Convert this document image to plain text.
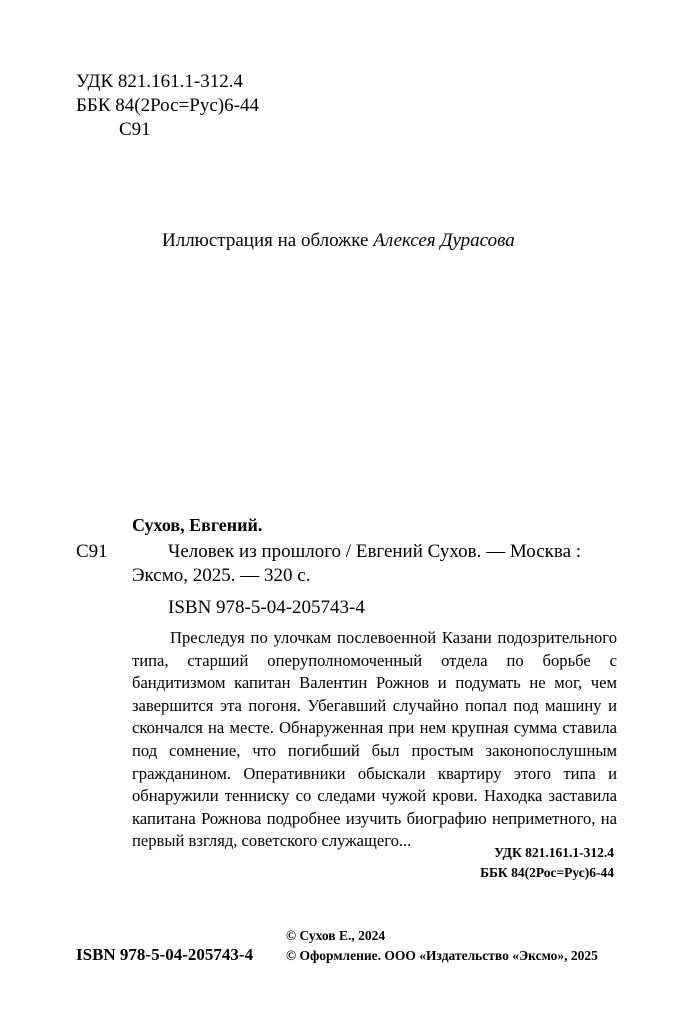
УДК 821.161.1-312.4
ББК 84(2Рос=Рус)6-44
С91
Иллюстрация на обложке Алексея Дурасова
Сухов, Евгений.
С91	Человек из прошлого / Евгений Сухов. — Москва :
Эксмо, 2025. — 320 с.
ISBN 978-5-04-205743-4

Преследуя по улочкам послевоенной Казани подозрительного типа, старший оперуполномоченный отдела по борьбе с бандитизмом капитан Валентин Рожнов и подумать не мог, чем завершится эта погоня. Убегавший случайно попал под машину и скончался на месте. Обнаруженная при нем крупная сумма ставила под сомнение, что погибший был простым законопослушным гражданином. Оперативники обыскали квартиру этого типа и обнаружили тенниску со следами чужой крови. Находка заставила капитана Рожнова подробнее изучить биографию неприметного, на первый взгляд, советского служащего...

УДК 821.161.1-312.4
ББК 84(2Рос=Рус)6-44
© Сухов Е., 2024
ISBN 978-5-04-205743-4 © Оформление. ООО «Издательство «Эксмо», 2025
